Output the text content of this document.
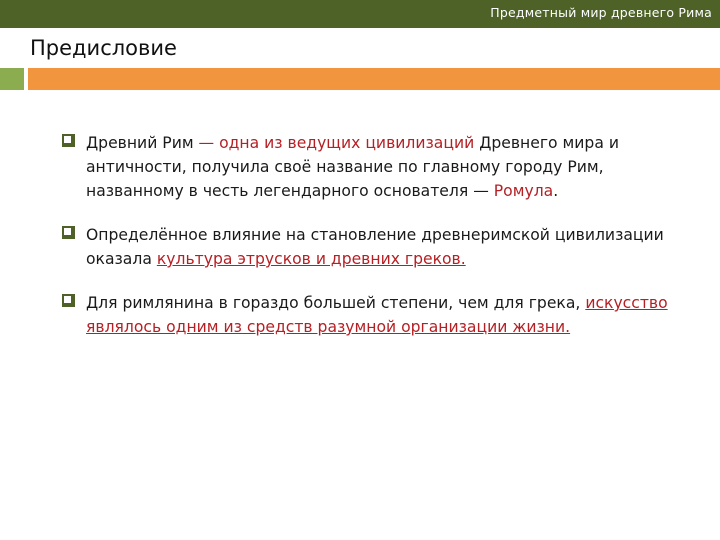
Предметный мир древнего Рима
Предисловие
Древний Рим — одна из ведущих цивилизаций Древнего мира и античности, получила своё название по главному городу Рим, названному в честь легендарного основателя — Ромула.
Определённое влияние на становление древнеримской цивилизации оказала культура этрусков и древних греков.
Для римлянина в гораздо большей степени, чем для грека, искусство являлось одним из средств разумной организации жизни.
